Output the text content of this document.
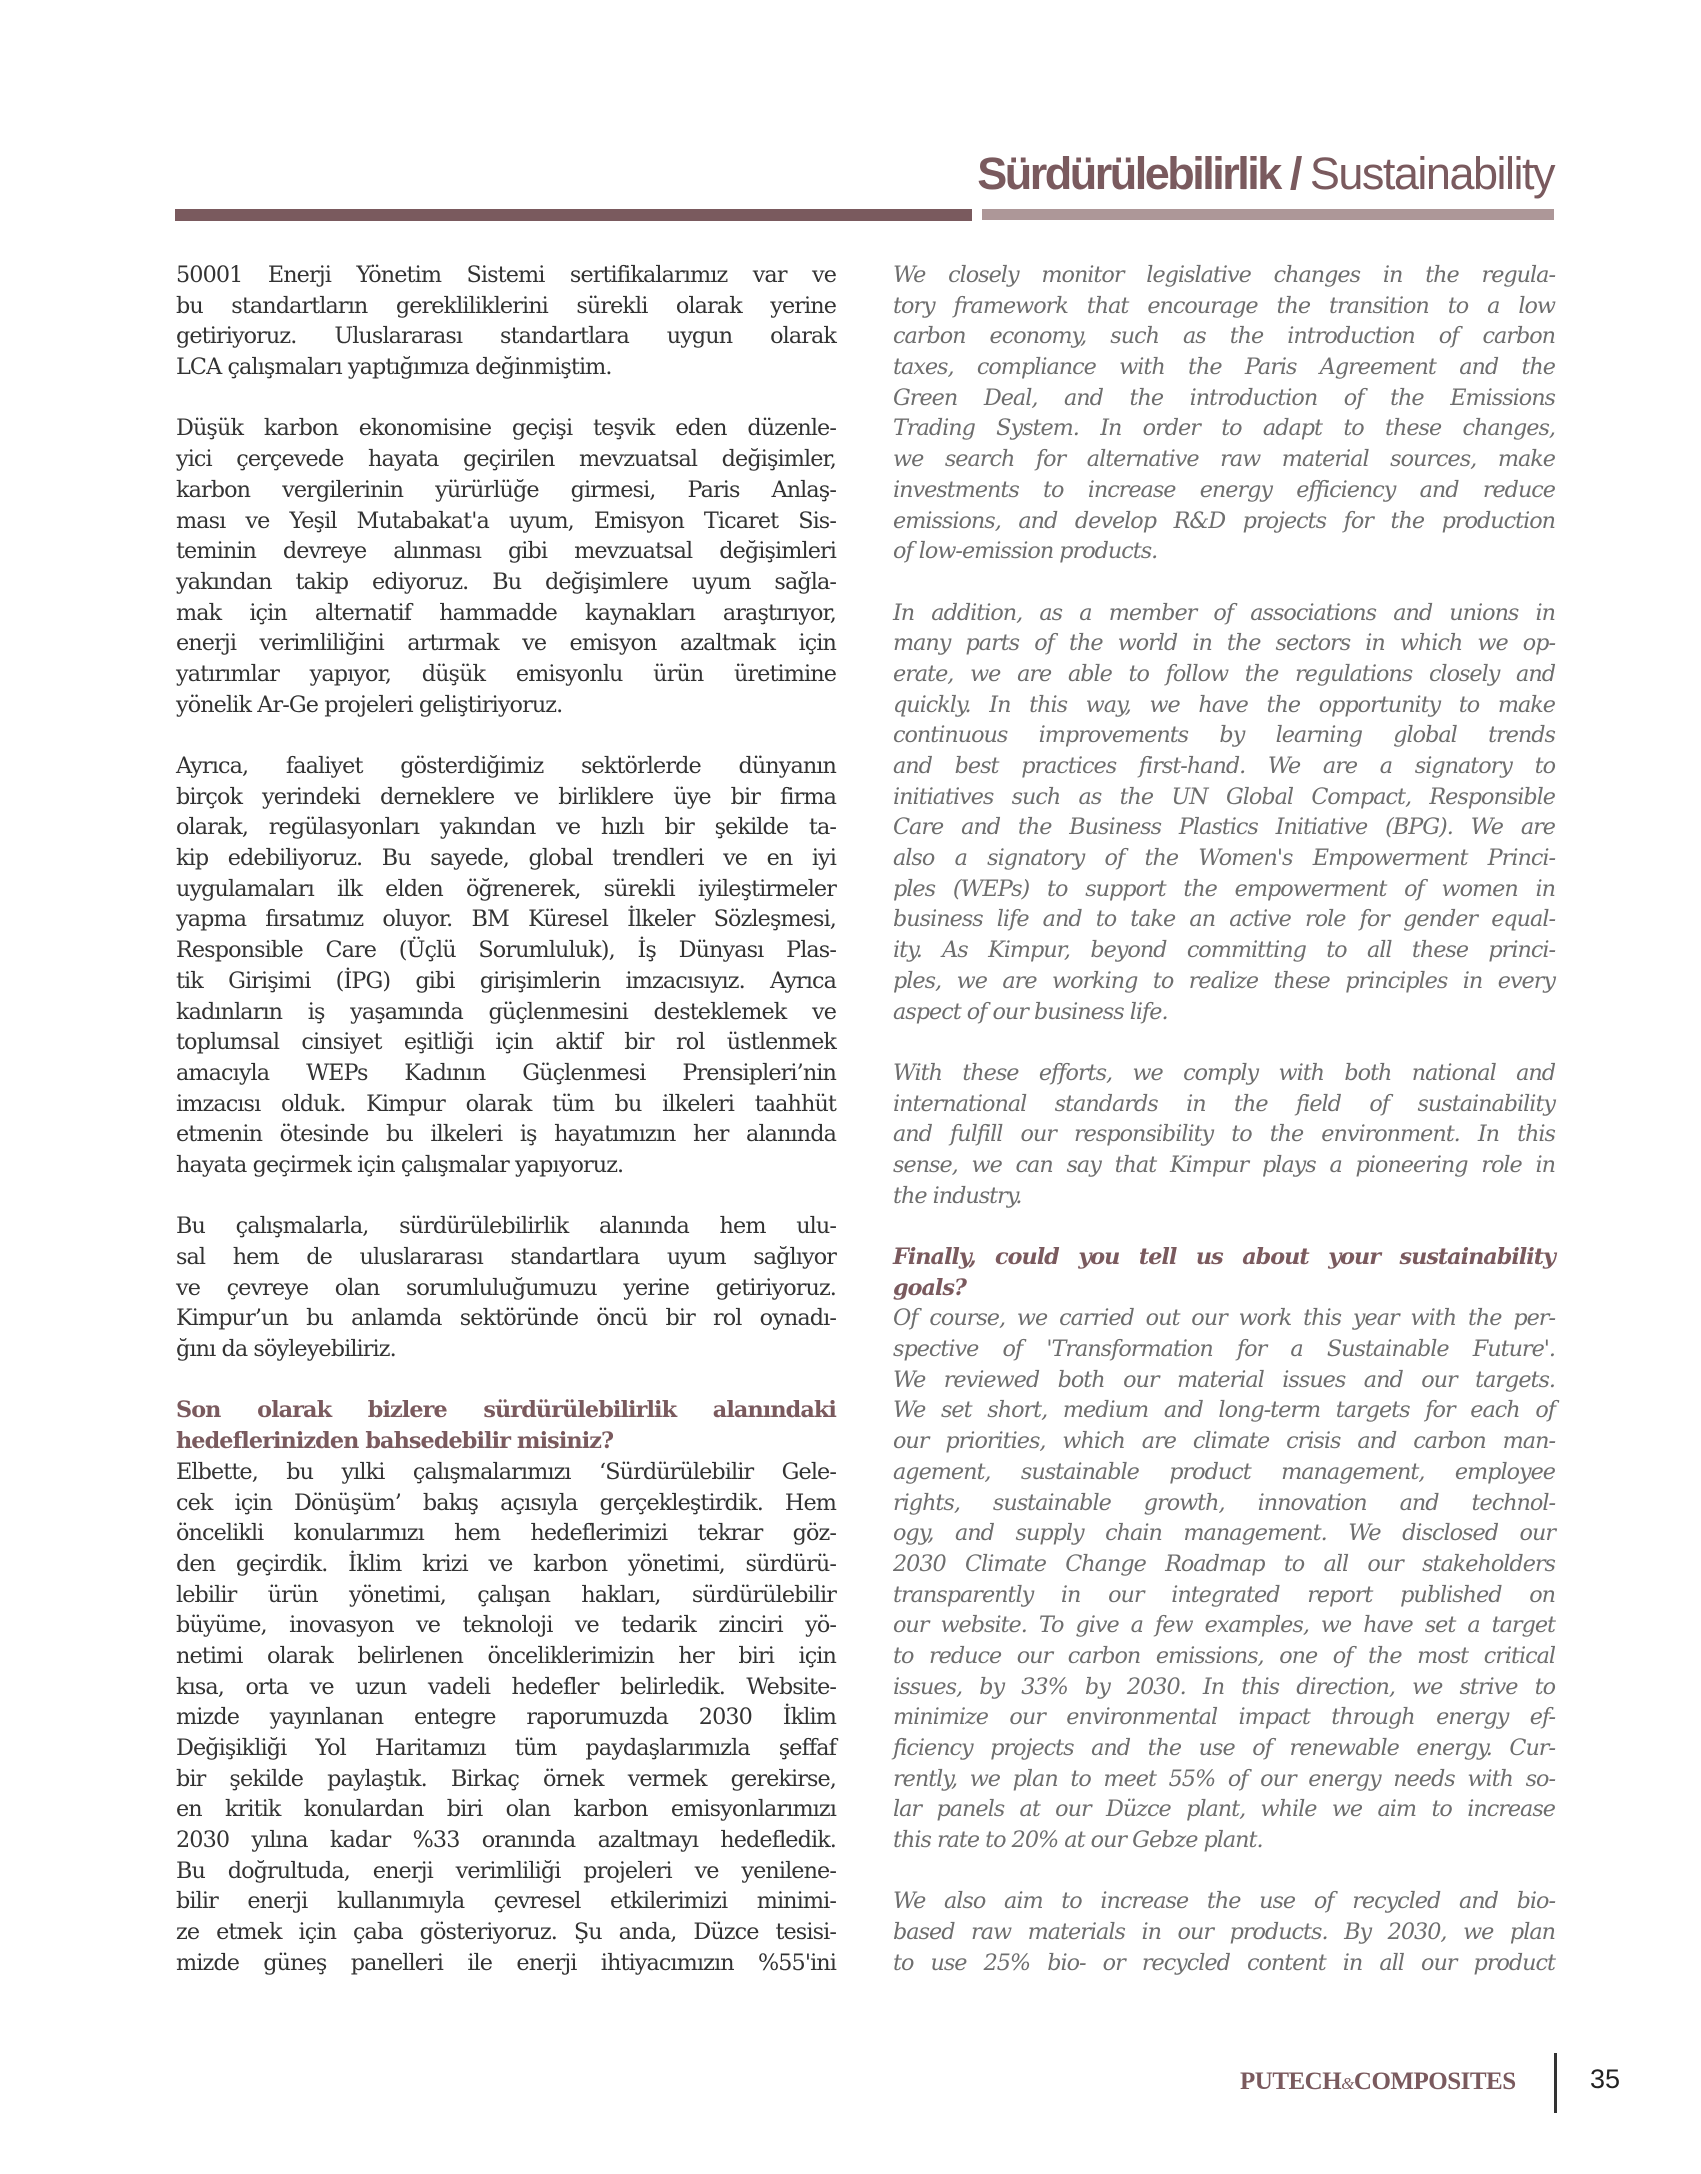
Sürdürülebilirlik / Sustainability
50001 Enerji Yönetim Sistemi sertifikalarımız var ve
bu standartların gerekliliklerini sürekli olarak yerine
getiriyoruz. Uluslararası standartlara uygun olarak
LCA çalışmaları yaptığımıza değinmiştim.
Düşük karbon ekonomisine geçişi teşvik eden düzenle-
yici çerçevede hayata geçirilen mevzuatsal değişimler,
karbon vergilerinin yürürlüğe girmesi, Paris Anlaş-
ması ve Yeşil Mutabakat'a uyum, Emisyon Ticaret Sis-
teminin devreye alınması gibi mevzuatsal değişimleri
yakından takip ediyoruz. Bu değişimlere uyum sağla-
mak için alternatif hammadde kaynakları araştırıyor,
enerji verimliliğini artırmak ve emisyon azaltmak için
yatırımlar yapıyor, düşük emisyonlu ürün üretimine
yönelik Ar-Ge projeleri geliştiriyoruz.
Ayrıca, faaliyet gösterdiğimiz sektörlerde dünyanın
birçok yerindeki derneklere ve birliklere üye bir firma
olarak, regülasyonları yakından ve hızlı bir şekilde ta-
kip edebiliyoruz. Bu sayede, global trendleri ve en iyi
uygulamaları ilk elden öğrenerek, sürekli iyileştirmeler
yapma fırsatımız oluyor. BM Küresel İlkeler Sözleşmesi,
Responsible Care (Üçlü Sorumluluk), İş Dünyası Plas-
tik Girişimi (İPG) gibi girişimlerin imzacısıyız. Ayrıca
kadınların iş yaşamında güçlenmesini desteklemek ve
toplumsal cinsiyet eşitliği için aktif bir rol üstlenmek
amacıyla WEPs Kadının Güçlenmesi Prensipleri’nin
imzacısı olduk. Kimpur olarak tüm bu ilkeleri taahhüt
etmenin ötesinde bu ilkeleri iş hayatımızın her alanında
hayata geçirmek için çalışmalar yapıyoruz.
Bu çalışmalarla, sürdürülebilirlik alanında hem ulu-
sal hem de uluslararası standartlara uyum sağlıyor
ve çevreye olan sorumluluğumuzu yerine getiriyoruz.
Kimpur’un bu anlamda sektöründe öncü bir rol oynadı-
ğını da söyleyebiliriz.
Son olarak bizlere sürdürülebilirlik alanındaki
hedeflerinizden bahsedebilir misiniz?
Elbette, bu yılki çalışmalarımızı ‘Sürdürülebilir Gele-
cek için Dönüşüm’ bakış açısıyla gerçekleştirdik. Hem
öncelikli konularımızı hem hedeflerimizi tekrar göz-
den geçirdik. İklim krizi ve karbon yönetimi, sürdürü-
lebilir ürün yönetimi, çalışan hakları, sürdürülebilir
büyüme, inovasyon ve teknoloji ve tedarik zinciri yö-
netimi olarak belirlenen önceliklerimizin her biri için
kısa, orta ve uzun vadeli hedefler belirledik. Website-
mizde yayınlanan entegre raporumuzda 2030 İklim
Değişikliği Yol Haritamızı tüm paydaşlarımızla şeffaf
bir şekilde paylaştık. Birkaç örnek vermek gerekirse,
en kritik konulardan biri olan karbon emisyonlarımızı
2030 yılına kadar %33 oranında azaltmayı hedefledik.
Bu doğrultuda, enerji verimliliği projeleri ve yenilene-
bilir enerji kullanımıyla çevresel etkilerimizi minimi-
ze etmek için çaba gösteriyoruz. Şu anda, Düzce tesisi-
mizde güneş panelleri ile enerji ihtiyacımızın %55'ini
We closely monitor legislative changes in the regula-
tory framework that encourage the transition to a low
carbon economy, such as the introduction of carbon
taxes, compliance with the Paris Agreement and the
Green Deal, and the introduction of the Emissions
Trading System. In order to adapt to these changes,
we search for alternative raw material sources, make
investments to increase energy efficiency and reduce
emissions, and develop R&D projects for the production
of low-emission products.
In addition, as a member of associations and unions in
many parts of the world in the sectors in which we op-
erate, we are able to follow the regulations closely and
quickly. In this way, we have the opportunity to make
continuous improvements by learning global trends
and best practices first-hand. We are a signatory to
initiatives such as the UN Global Compact, Responsible
Care and the Business Plastics Initiative (BPG). We are
also a signatory of the Women's Empowerment Princi-
ples (WEPs) to support the empowerment of women in
business life and to take an active role for gender equal-
ity. As Kimpur, beyond committing to all these princi-
ples, we are working to realize these principles in every
aspect of our business life.
With these efforts, we comply with both national and
international standards in the field of sustainability
and fulfill our responsibility to the environment. In this
sense, we can say that Kimpur plays a pioneering role in
the industry.
Finally, could you tell us about your sustainability
goals?
Of course, we carried out our work this year with the per-
spective of 'Transformation for a Sustainable Future'.
We reviewed both our material issues and our targets.
We set short, medium and long-term targets for each of
our priorities, which are climate crisis and carbon man-
agement, sustainable product management, employee
rights, sustainable growth, innovation and technol-
ogy, and supply chain management. We disclosed our
2030 Climate Change Roadmap to all our stakeholders
transparently in our integrated report published on
our website. To give a few examples, we have set a target
to reduce our carbon emissions, one of the most critical
issues, by 33% by 2030. In this direction, we strive to
minimize our environmental impact through energy ef-
ficiency projects and the use of renewable energy. Cur-
rently, we plan to meet 55% of our energy needs with so-
lar panels at our Düzce plant, while we aim to increase
this rate to 20% at our Gebze plant.
We also aim to increase the use of recycled and bio-
based raw materials in our products. By 2030, we plan
to use 25% bio- or recycled content in all our product
PUTECH&COMPOSITES	35
